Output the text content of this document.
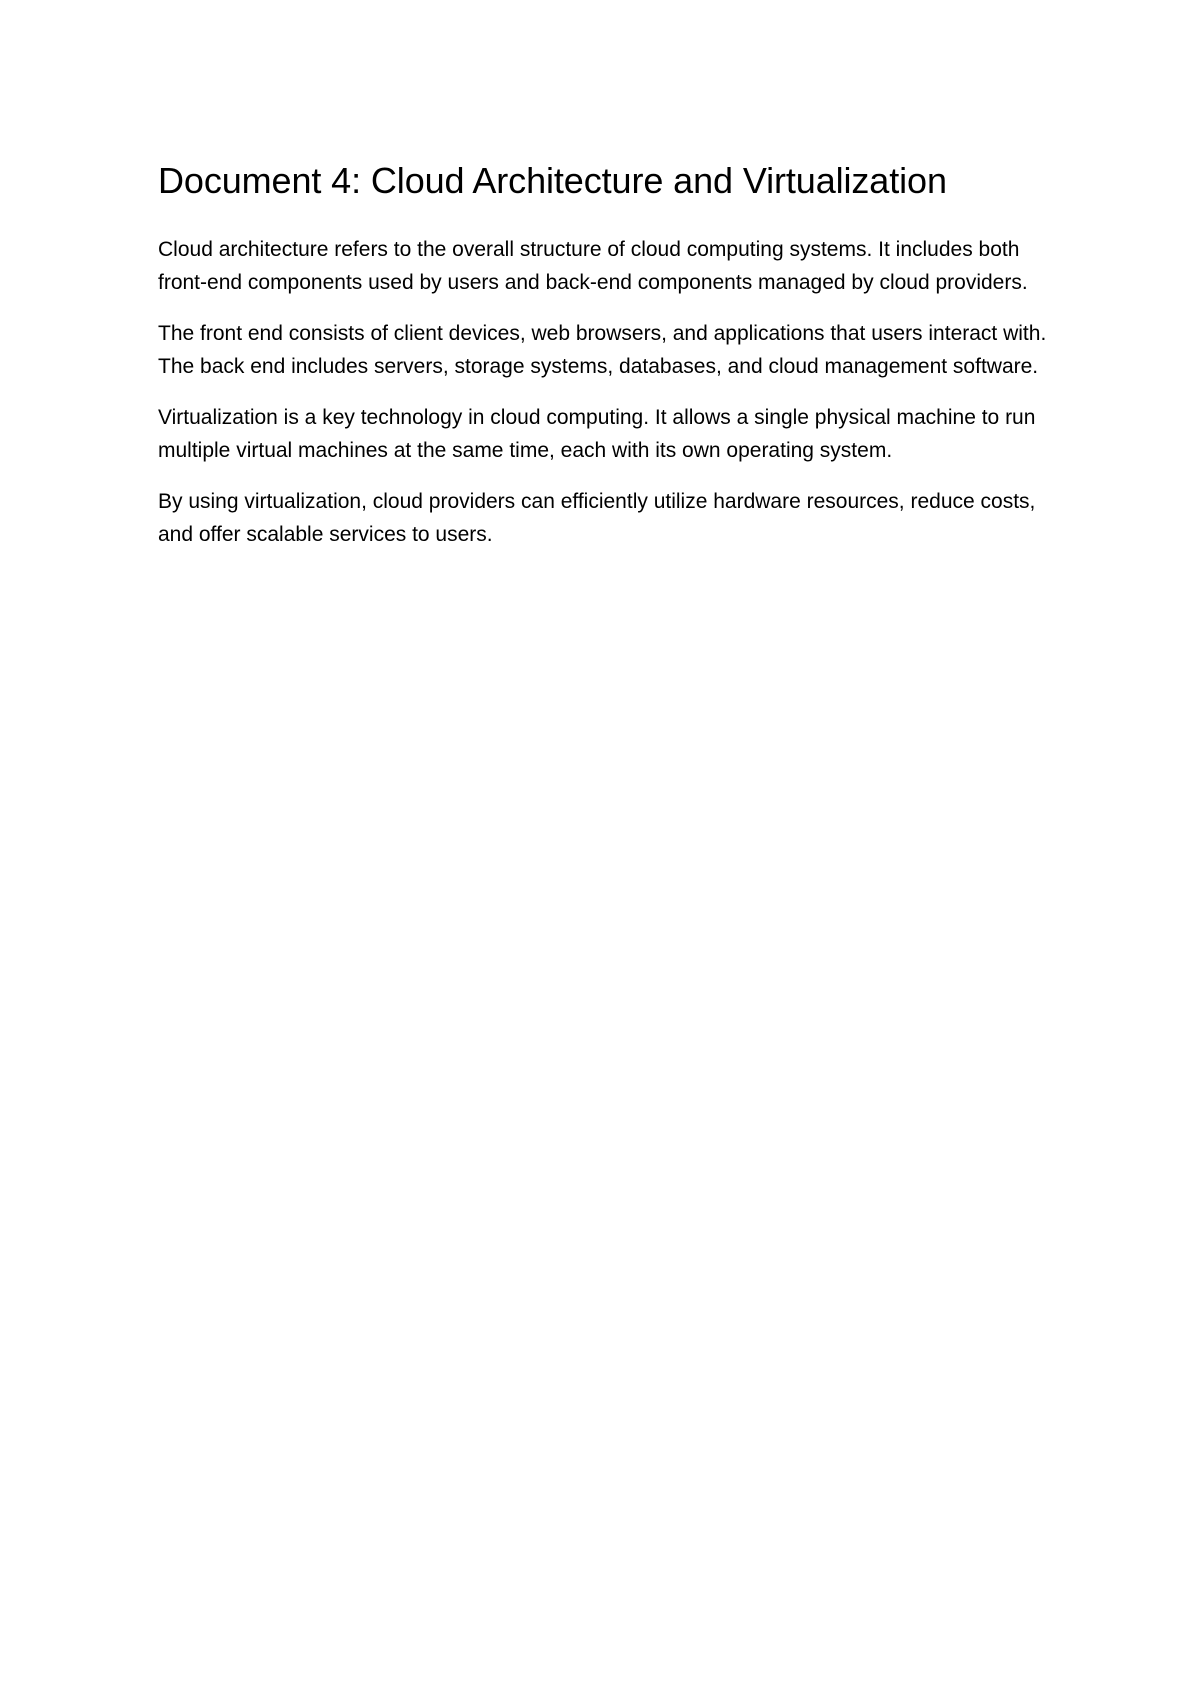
Document 4: Cloud Architecture and Virtualization

Cloud architecture refers to the overall structure of cloud computing systems. It includes both front-end components used by users and back-end components managed by cloud providers.

The front end consists of client devices, web browsers, and applications that users interact with. The back end includes servers, storage systems, databases, and cloud management software.

Virtualization is a key technology in cloud computing. It allows a single physical machine to run multiple virtual machines at the same time, each with its own operating system.

By using virtualization, cloud providers can efficiently utilize hardware resources, reduce costs, and offer scalable services to users.
